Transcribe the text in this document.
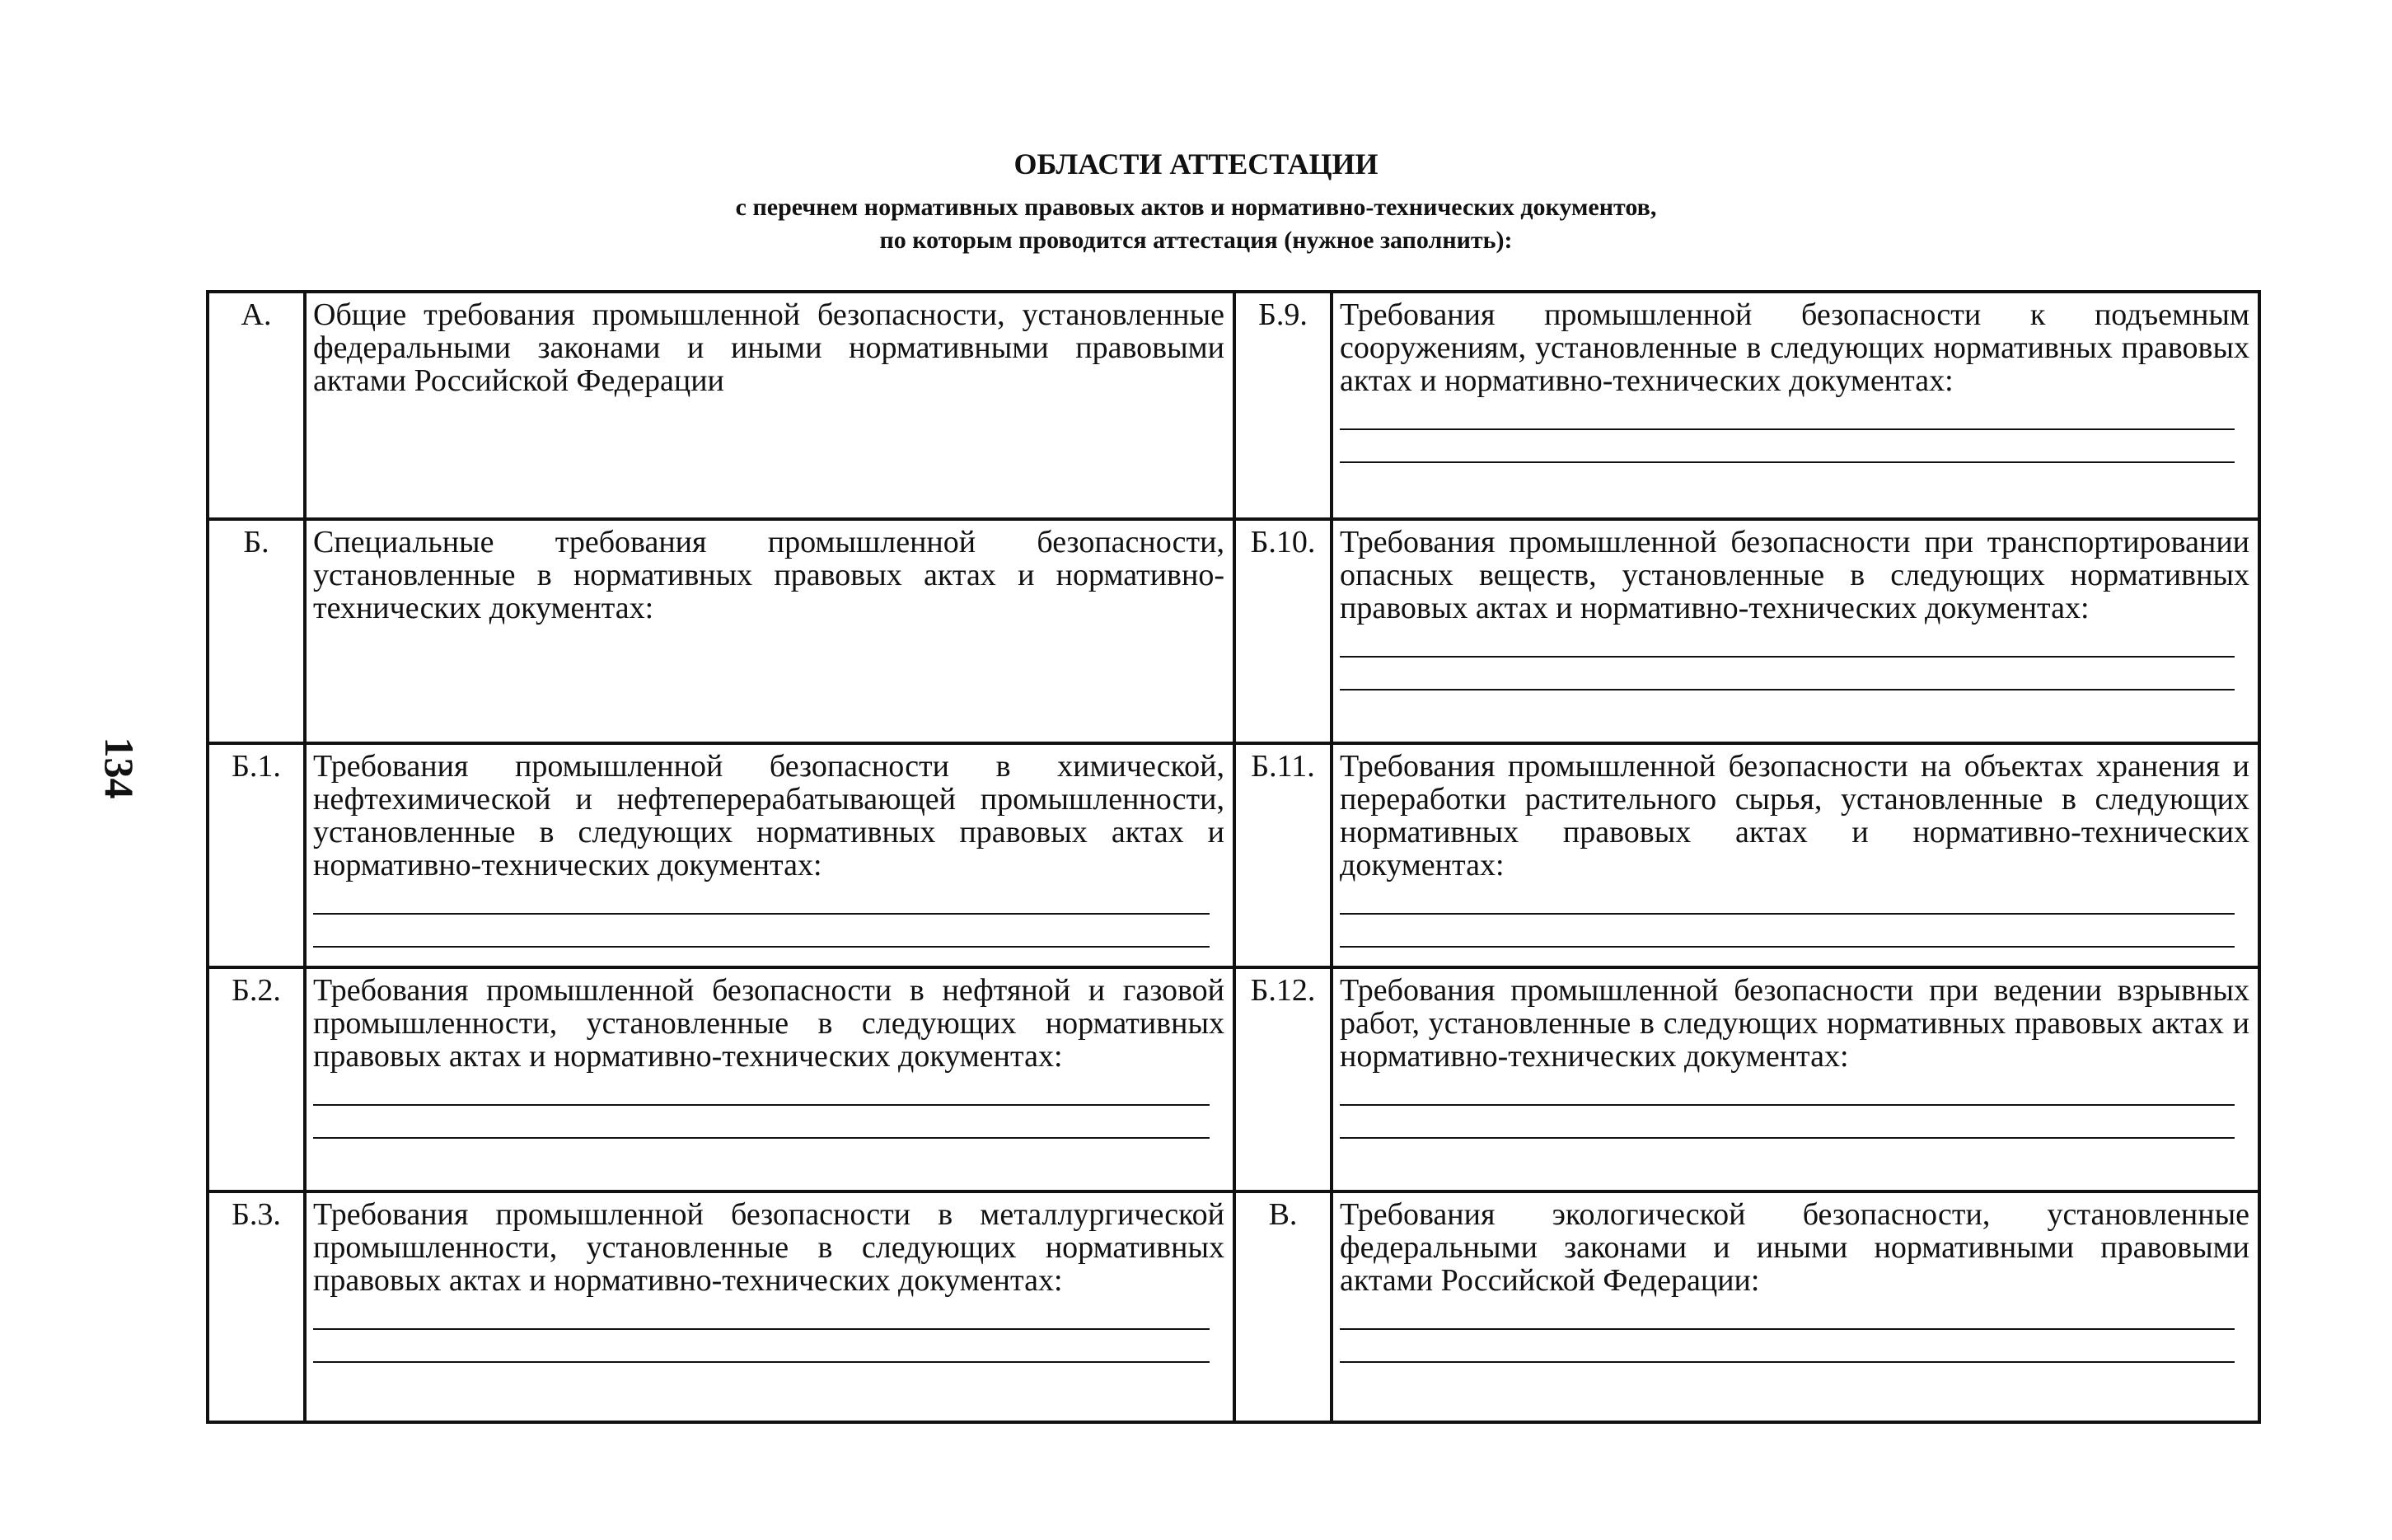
134
ОБЛАСТИ АТТЕСТАЦИИ
с перечнем нормативных правовых актов и нормативно-технических документов,
по которым проводится аттестация (нужное заполнить):
А.	Общие требования промышленной безопасности, установленные федеральными законами и иными нормативными правовыми актами Российской Федерации	Б.9.	Требования промышленной безопасности к подъемным сооружениям, установленные в следующих нормативных правовых актах и нормативно-технических документах:

Б.	Специальные требования промышленной безопасности, установленные в нормативных правовых актах и нормативно-технических документах:	Б.10.	Требования промышленной безопасности при транспортировании опасных веществ, установленные в следующих нормативных правовых актах и нормативно-технических документах:

Б.1.	Требования промышленной безопасности в химической, нефтехимической и нефтеперерабатывающей промышленности, установленные в следующих нормативных правовых актах и нормативно-технических документах:	Б.11.	Требования промышленной безопасности на объектах хранения и переработки растительного сырья, установленные в следующих нормативных правовых актах и нормативно-технических документах:

Б.2.	Требования промышленной безопасности в нефтяной и газовой промышленности, установленные в следующих нормативных правовых актах и нормативно-технических документах:	Б.12.	Требования промышленной безопасности при ведении взрывных работ, установленные в следующих нормативных правовых актах и нормативно-технических документах:

Б.3.	Требования промышленной безопасности в металлургической промышленности, установленные в следующих нормативных правовых актах и нормативно-технических документах:	В.	Требования экологической безопасности, установленные федеральными законами и иными нормативными правовыми актами Российской Федерации:
